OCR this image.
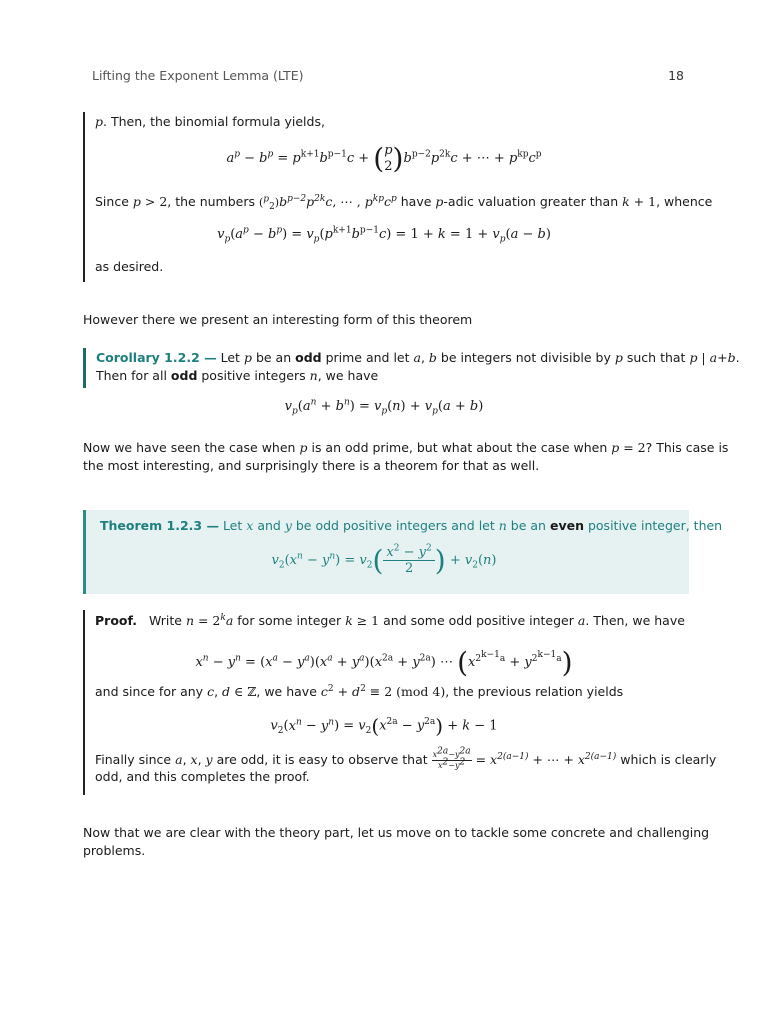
Lifting the Exponent Lemma (LTE)	18
p. Then, the binomial formula yields,
$a^p - b^p = p^{k+1}b^{p-1}c$ + ( p
2 )$b^{p-2}p^{2k}c$ + ⋯ + $p^{kp}c^p$
Since p > 2, the numbers $(^p_2)b^{p-2}p^{2k}c$, ⋯ , $p^{kp}c^p$ have p-adic valuation greater than k + 1, whence
$v_p(a^p - b^p) = v_p(p^{k+1}b^{p-1}c) = 1 + k = 1 + v_p(a - b)$
as desired.
However there we present an interesting form of this theorem
Corollary 1.2.2 — Let p be an odd prime and let a, b be integers not divisible by p such that p | a+b.
Then for all odd positive integers n, we have
$v_p(a^n + b^n) = v_p(n) + v_p(a + b)$
Now we have seen the case when p is an odd prime, but what about the case when p = 2? This case is
the most interesting, and surprisingly there is a theorem for that as well.
Theorem 1.2.3 — Let x and y be odd positive integers and let n be an even positive integer, then
$v_2(x^n - y^n) = v_2( \frac{x^2 - y^2}{2}$ ) + $v_2(n)$
Proof. Write $n = 2^ka$ for some integer k ≥ 1 and some odd positive integer a. Then, we have
$x^n - y^n = (x^a - y^a)(x^a + y^a)(x^{2a} + y^{2a})$ ⋯ $(x^{2^{k-1}a} + y^{2^{k-1}a})$
and since for any c, d ∈ ℤ, we have $c^2 + d^2 \equiv 2$ (mod 4), the previous relation yields
$v_2(x^n - y^n) = v_2(x^{2a} - y^{2a}) + k - 1$
Finally since a, x, y are odd, it is easy to observe that $\frac{x^{2a}-y^{2a}}{x^2-y^2} = x^{2(a-1)}$ + ⋯ + $x^{2(a-1)}$ which is clearly
odd, and this completes the proof.
Now that we are clear with the theory part, let us move on to tackle some concrete and challenging
problems.
